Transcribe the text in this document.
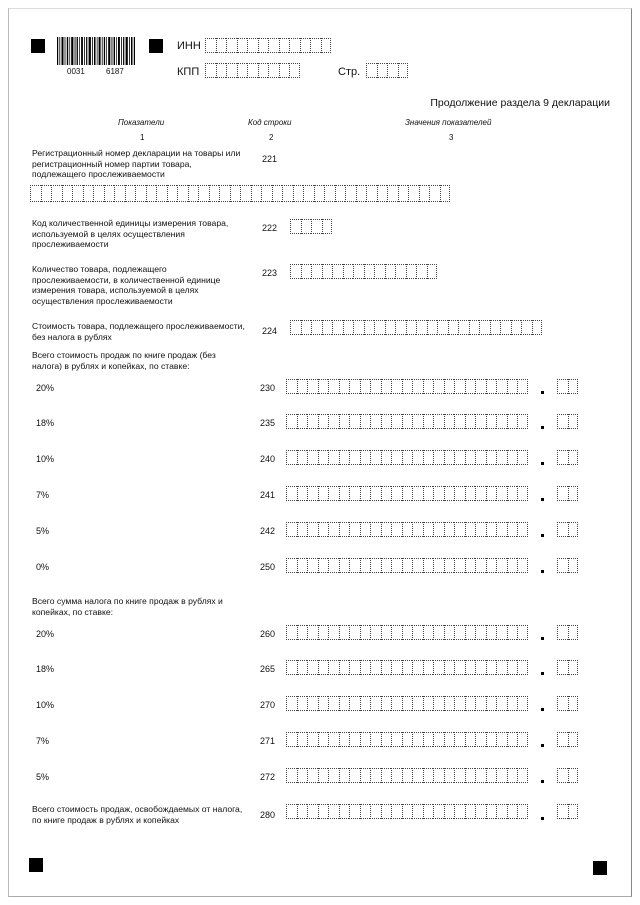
0031	6187
ИНН
КПП	Стр.
Продолжение раздела 9 декларации
Показатели	Код строки	Значения показателей
1	2	3
Регистрационный номер декларации на товары или регистрационный номер партии товара, подлежащего прослеживаемости
221
Код количественной единицы измерения товара, используемой в целях осуществления прослеживаемости
222
Количество товара, подлежащего прослеживаемости, в количественной единице измерения товара, используемой в целях осуществления прослеживаемости
223
Стоимость товара, подлежащего прослеживаемости, без налога в рублях
224
Всего стоимость продаж по книге продаж (без налога) в рублях и копейках, по ставке:
20%	230
18%	235
10%	240
7%	241
5%	242
0%	250
Всего сумма налога по книге продаж в рублях и копейках, по ставке:
20%	260
18%	265
10%	270
7%	271
5%	272
Всего стоимость продаж, освобождаемых от налога, по книге продаж в рублях и копейках	280
